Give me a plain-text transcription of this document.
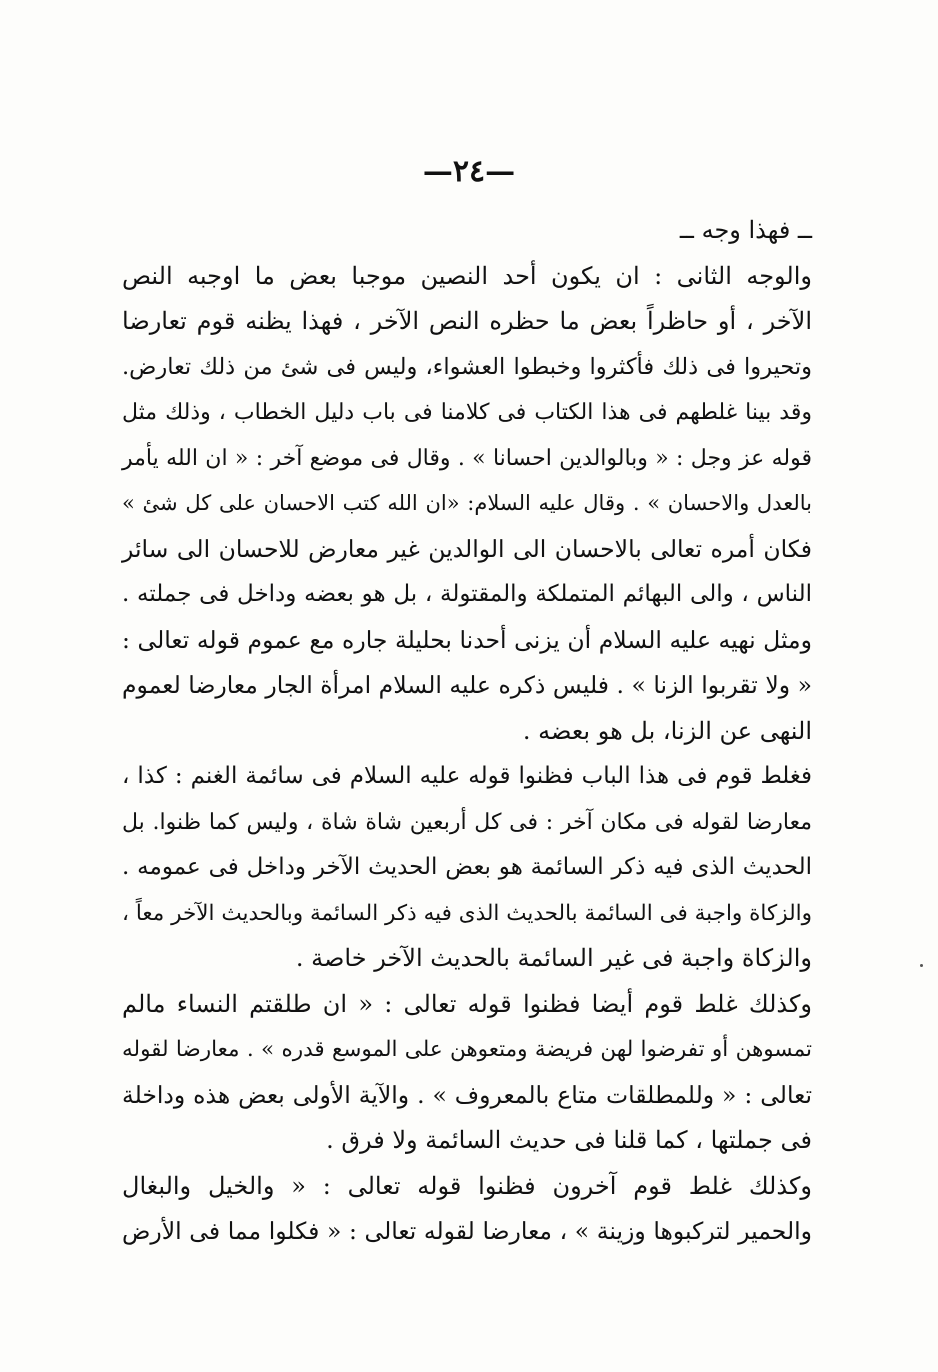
—٢٤—
ــ فهذا وجه ــ
والوجه الثانى : ان يكون أحد النصين موجبا بعض ما اوجبه النص
الآخر ، أو حاظراً بعض ما حظره النص الآخر ، فهذا يظنه قوم تعارضا
وتحيروا فى ذلك فأكثروا وخبطوا العشواء، وليس فى شئ من ذلك تعارض.
وقد بينا غلطهم فى هذا الكتاب فى كلامنا فى باب دليل الخطاب ، وذلك مثل
قوله عز وجل : « وبالوالدين احسانا » . وقال فى موضع آخر : « ان الله يأمر
بالعدل والاحسان » . وقال عليه السلام: «ان الله كتب الاحسان على كل شئ »
فكان أمره تعالى بالاحسان الى الوالدين غير معارض للاحسان الى سائر
الناس ، والى البهائم المتملكة والمقتولة ، بل هو بعضه وداخل فى جملته .
ومثل نهيه عليه السلام أن يزنى أحدنا بحليلة جاره مع عموم قوله تعالى :
« ولا تقربوا الزنا » . فليس ذكره عليه السلام امرأة الجار معارضا لعموم
النهى عن الزنا، بل هو بعضه .
فغلط قوم فى هذا الباب فظنوا قوله عليه السلام فى سائمة الغنم : كذا ،
معارضا لقوله فى مكان آخر : فى كل أربعين شاة شاة ، وليس كما ظنوا. بل
الحديث الذى فيه ذكر السائمة هو بعض الحديث الآخر وداخل فى عمومه .
والزكاة واجبة فى السائمة بالحديث الذى فيه ذكر السائمة وبالحديث الآخر معاً ،
والزكاة واجبة فى غير السائمة بالحديث الآخر خاصة .
وكذلك غلط قوم أيضا فظنوا قوله تعالى : « ان طلقتم النساء مالم
تمسوهن أو تفرضوا لهن فريضة ومتعوهن على الموسع قدره » . معارضا لقوله
تعالى : « وللمطلقات متاع بالمعروف » . والآية الأولى بعض هذه وداخلة
فى جملتها ، كما قلنا فى حديث السائمة ولا فرق .
وكذلك غلط قوم آخرون فظنوا قوله تعالى : « والخيل والبغال
والحمير لتركبوها وزينة » ، معارضا لقوله تعالى : « فكلوا مما فى الأرض
